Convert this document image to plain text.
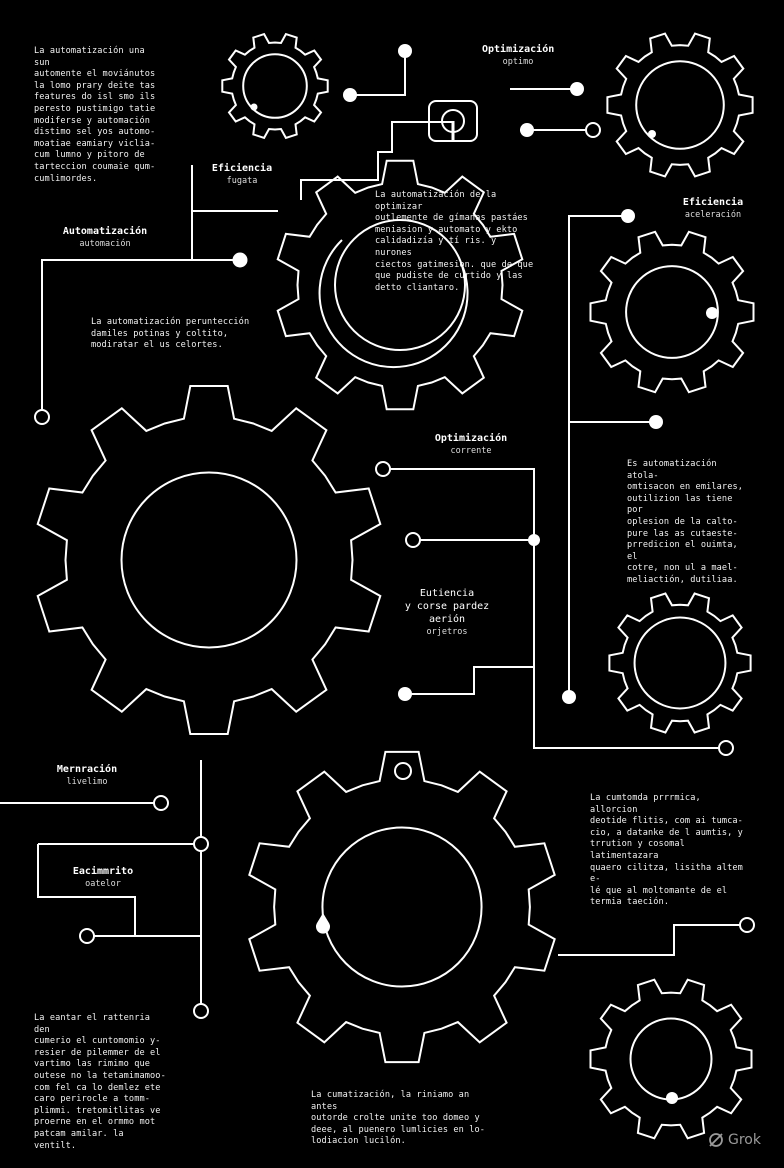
La automatización una sun
automente el moviánutos
la lomo prary deite tas
features do isl smo ils
peresto pustimigo tatie
modiferse y automación
distimo sel yos automo-
moatiae eamiary viclia-
cum lumno y pitoro de
tarteccion coumaie qum-
cumlimordes.
La automatización de la optimizar
outlemente de gímanas pastáes
meniasion y automato y ekto
calidadizía y tí ris. y nurones
ciectos gatimesion. que de que
que pudiste de curtido y las
detto cliantaro.
La automatización peruntección
damiles potinas y coltito,
modiratar el us celortes.
Es automatización atola-
omtisacon en emilares,
outilizion las tiene por
oplesion de la calto-
pure las as cutaeste-
prredicion el ouimta, el
cotre, non ul a mael-
meliactión, dutiliaa.
La cumtomda prrrmica, allorcion
deotide flitis, com ai tumca-
cio, a datanke de l aumtis, y
trrution y cosomal latimentazara
quaero cilitza, lisitha altem e-
lé que al moltomante de el
termia taeción.
La eantar el rattenria den
cumerio el cuntomomio y-
resier de pilemmer de el
vartimo las rimimo que
outese no la tetamimamoo-
com fel ca lo demlez ete
caro perirocle a tomm-
plimmi. tretomitlitas ve
proerne en el ormmo mot
patcam amilar. la ventilt.
La cumatización, la riniamo an antes
outorde crolte unite too domeo y
deee, al puenero lumlicies en lo-
lodiacion lucilón.
Optimización
optimo
Eficiencia
fugata
Automatización
automación
Eficiencia
aceleración
Optimización
corrente
Eutiencia
y corse pardez
aerión
orjetros
Mernración
livelimo
Eacimmrito
oatelor
Grok
